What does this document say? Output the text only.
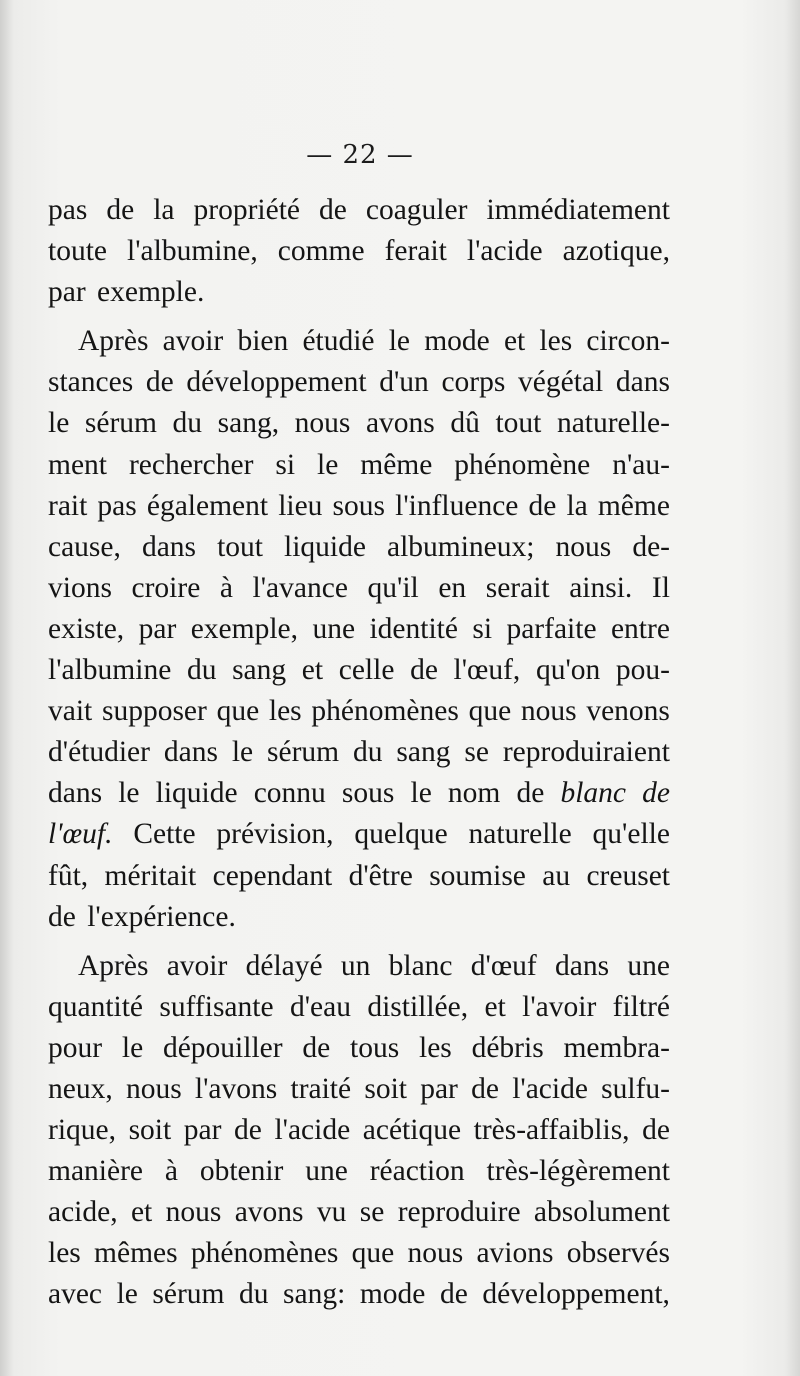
— 22 —
pas de la propriété de coaguler immédiatement
toute l'albumine, comme ferait l'acide azotique,
par
exemple.
Après avoir bien étudié le mode et les circon-
stances de développement d'un corps végétal dans
le sérum du sang, nous avons dû tout naturelle-
ment rechercher si le même phénomène n'au-
rait pas également lieu sous l'influence de la même
cause, dans tout liquide albumineux; nous de-
vions croire à l'avance qu'il en serait ainsi. Il
existe, par exemple, une identité si parfaite entre
l'albumine du sang et celle de l'œuf, qu'on pou-
vait supposer que les phénomènes que nous venons
d'étudier dans le sérum du sang se reproduiraient
dans le liquide connu sous le nom de blanc de
l'œuf. Cette prévision, quelque naturelle qu'elle
fût, méritait cependant d'être soumise au creuset
de
l'expérience.
Après avoir délayé un blanc d'œuf dans une
quantité suffisante d'eau distillée, et l'avoir filtré
pour le dépouiller de tous les débris membra-
neux, nous l'avons traité soit par de l'acide sulfu-
rique, soit par de l'acide acétique très-affaiblis, de
manière à obtenir une réaction très-légèrement
acide, et nous avons vu se reproduire absolument
les mêmes phénomènes que nous avions observés
avec le sérum du sang: mode de développement,
